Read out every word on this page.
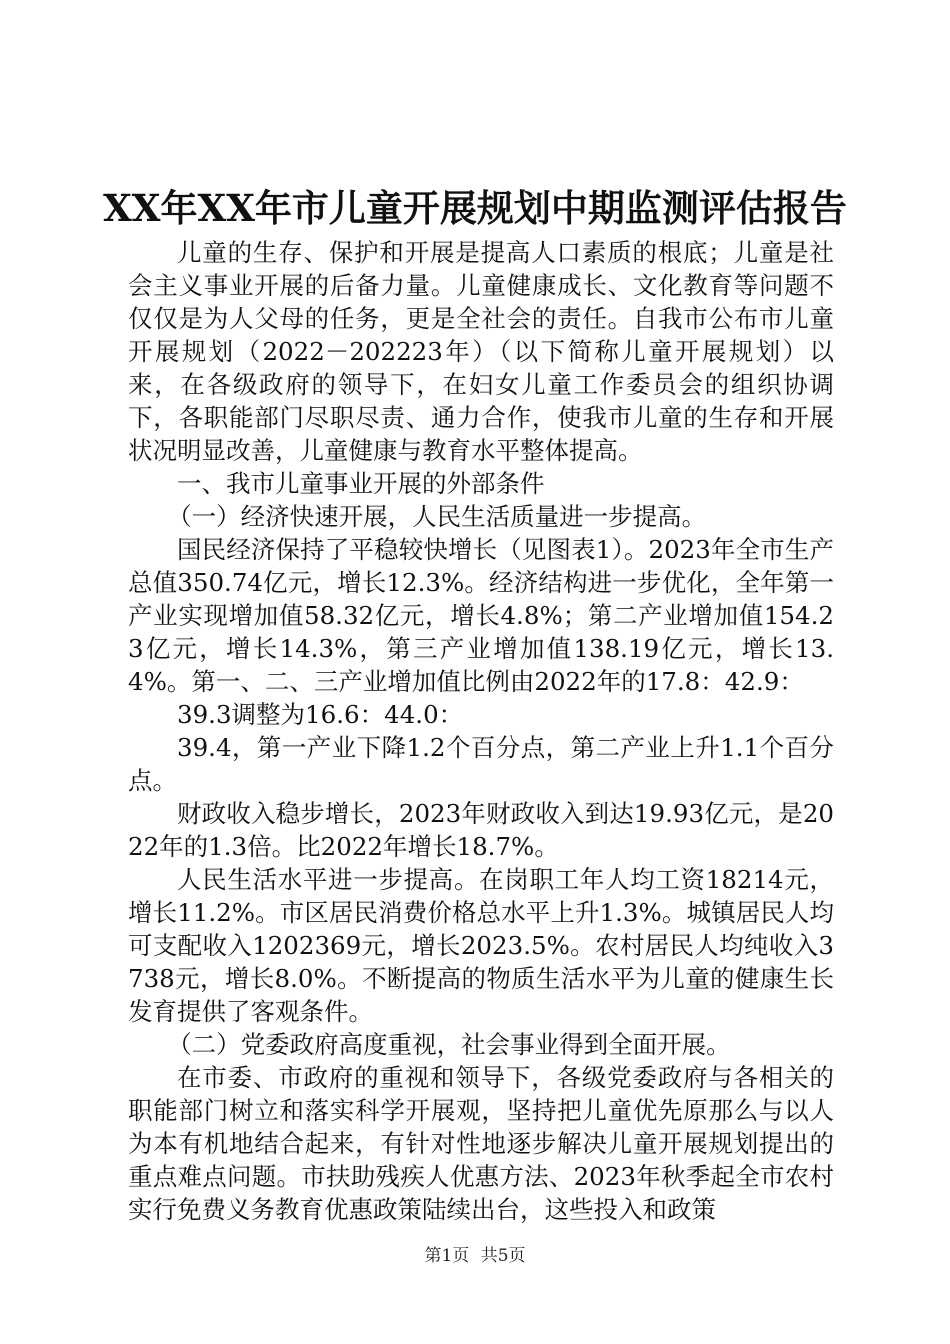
XX年XX年市儿童开展规划中期监测评估报告

儿童的生存、保护和开展是提高人口素质的根底；儿童是社会主义事业开展的后备力量。儿童健康成长、文化教育等问题不仅仅是为人父母的任务，更是全社会的责任。自我市公布市儿童开展规划（2022－202223年）（以下简称儿童开展规划）以来，在各级政府的领导下，在妇女儿童工作委员会的组织协调下，各职能部门尽职尽责、通力合作，使我市儿童的生存和开展状况明显改善，儿童健康与教育水平整体提高。

一、我市儿童事业开展的外部条件

（一）经济快速开展，人民生活质量进一步提高。

国民经济保持了平稳较快增长（见图表1）。2023年全市生产总值350.74亿元，增长12.3%。经济结构进一步优化，全年第一产业实现增加值58.32亿元，增长4.8%；第二产业增加值154.23亿元，增长14.3%，第三产业增加值138.19亿元，增长13.4%。第一、二、三产业增加值比例由2022年的17.8：42.9：

39.3调整为16.6：44.0：

39.4，第一产业下降1.2个百分点，第二产业上升1.1个百分点。

财政收入稳步增长，2023年财政收入到达19.93亿元，是2022年的1.3倍。比2022年增长18.7%。

人民生活水平进一步提高。在岗职工年人均工资18214元，增长11.2%。市区居民消费价格总水平上升1.3%。城镇居民人均可支配收入1202369元，增长2023.5%。农村居民人均纯收入3738元，增长8.0%。不断提高的物质生活水平为儿童的健康生长发育提供了客观条件。

（二）党委政府高度重视，社会事业得到全面开展。

在市委、市政府的重视和领导下，各级党委政府与各相关的职能部门树立和落实科学开展观，坚持把儿童优先原那么与以人为本有机地结合起来，有针对性地逐步解决儿童开展规划提出的重点难点问题。市扶助残疾人优惠方法、2023年秋季起全市农村实行免费义务教育优惠政策陆续出台，这些投入和政策

第1页 共5页
